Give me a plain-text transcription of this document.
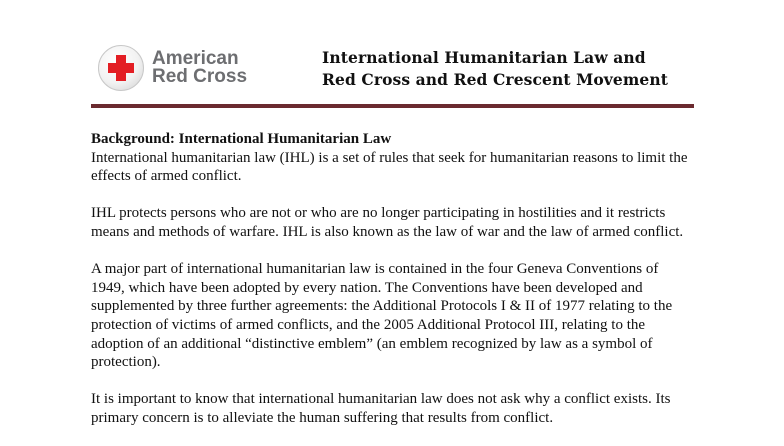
American
Red Cross
International Humanitarian Law and
Red Cross and Red Crescent Movement
Background: International Humanitarian Law

International humanitarian law (IHL) is a set of rules that seek for humanitarian reasons to limit the effects of armed conflict.

IHL protects persons who are not or who are no longer participating in hostilities and it restricts means and methods of warfare. IHL is also known as the law of war and the law of armed conflict.

A major part of international humanitarian law is contained in the four Geneva Conventions of 1949, which have been adopted by every nation. The Conventions have been developed and supplemented by three further agreements: the Additional Protocols I & II of 1977 relating to the protection of victims of armed conflicts, and the 2005 Additional Protocol III, relating to the adoption of an additional “distinctive emblem” (an emblem recognized by law as a symbol of protection).

It is important to know that international humanitarian law does not ask why a conflict exists. Its primary concern is to alleviate the human suffering that results from conflict.
